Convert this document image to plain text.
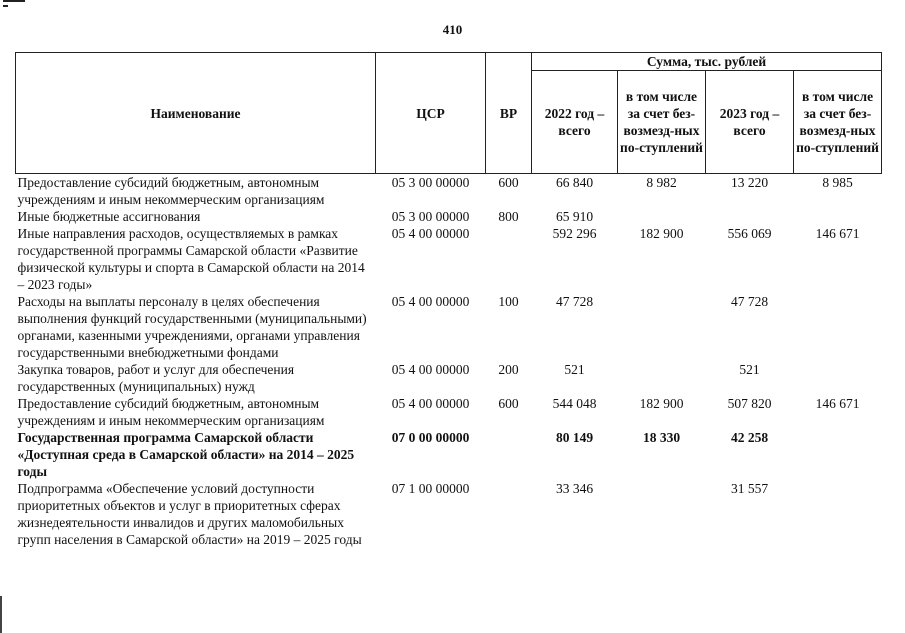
410
Наименование	ЦСР	ВР	Сумма, тыс. рублей			
			2022 год – всего	в том числе за счет без-возмезд-ных по-ступлений	2023 год – всего	в том числе за счет без-возмезд-ных по-ступлений
Предоставление субсидий бюджетным, автономным учреждениям и иным некоммерческим организациям	05 3 00 00000	600	66 840	8 982	13 220	8 985
Иные бюджетные ассигнования	05 3 00 00000	800	65 910			
Иные направления расходов, осуществляемых в рамках государственной программы Самарской области «Развитие физической культуры и спорта в Самарской области на 2014 – 2023 годы»	05 4 00 00000		592 296	182 900	556 069	146 671
Расходы на выплаты персоналу в целях обеспечения выполнения функций государственными (муниципальными) органами, казенными учреждениями, органами управления государственными внебюджетными фондами	05 4 00 00000	100	47 728		47 728	
Закупка товаров, работ и услуг для обеспечения государственных (муниципальных) нужд	05 4 00 00000	200	521		521	
Предоставление субсидий бюджетным, автономным учреждениям и иным некоммерческим организациям	05 4 00 00000	600	544 048	182 900	507 820	146 671
Государственная программа Самарской области «Доступная среда в Самарской области» на 2014 – 2025 годы	07 0 00 00000		80 149	18 330	42 258	
Подпрограмма «Обеспечение условий доступности приоритетных объектов и услуг в приоритетных сферах жизнедеятельности инвалидов и других маломобильных групп населения в Самарской области» на 2019 – 2025 годы	07 1 00 00000		33 346		31 557	
